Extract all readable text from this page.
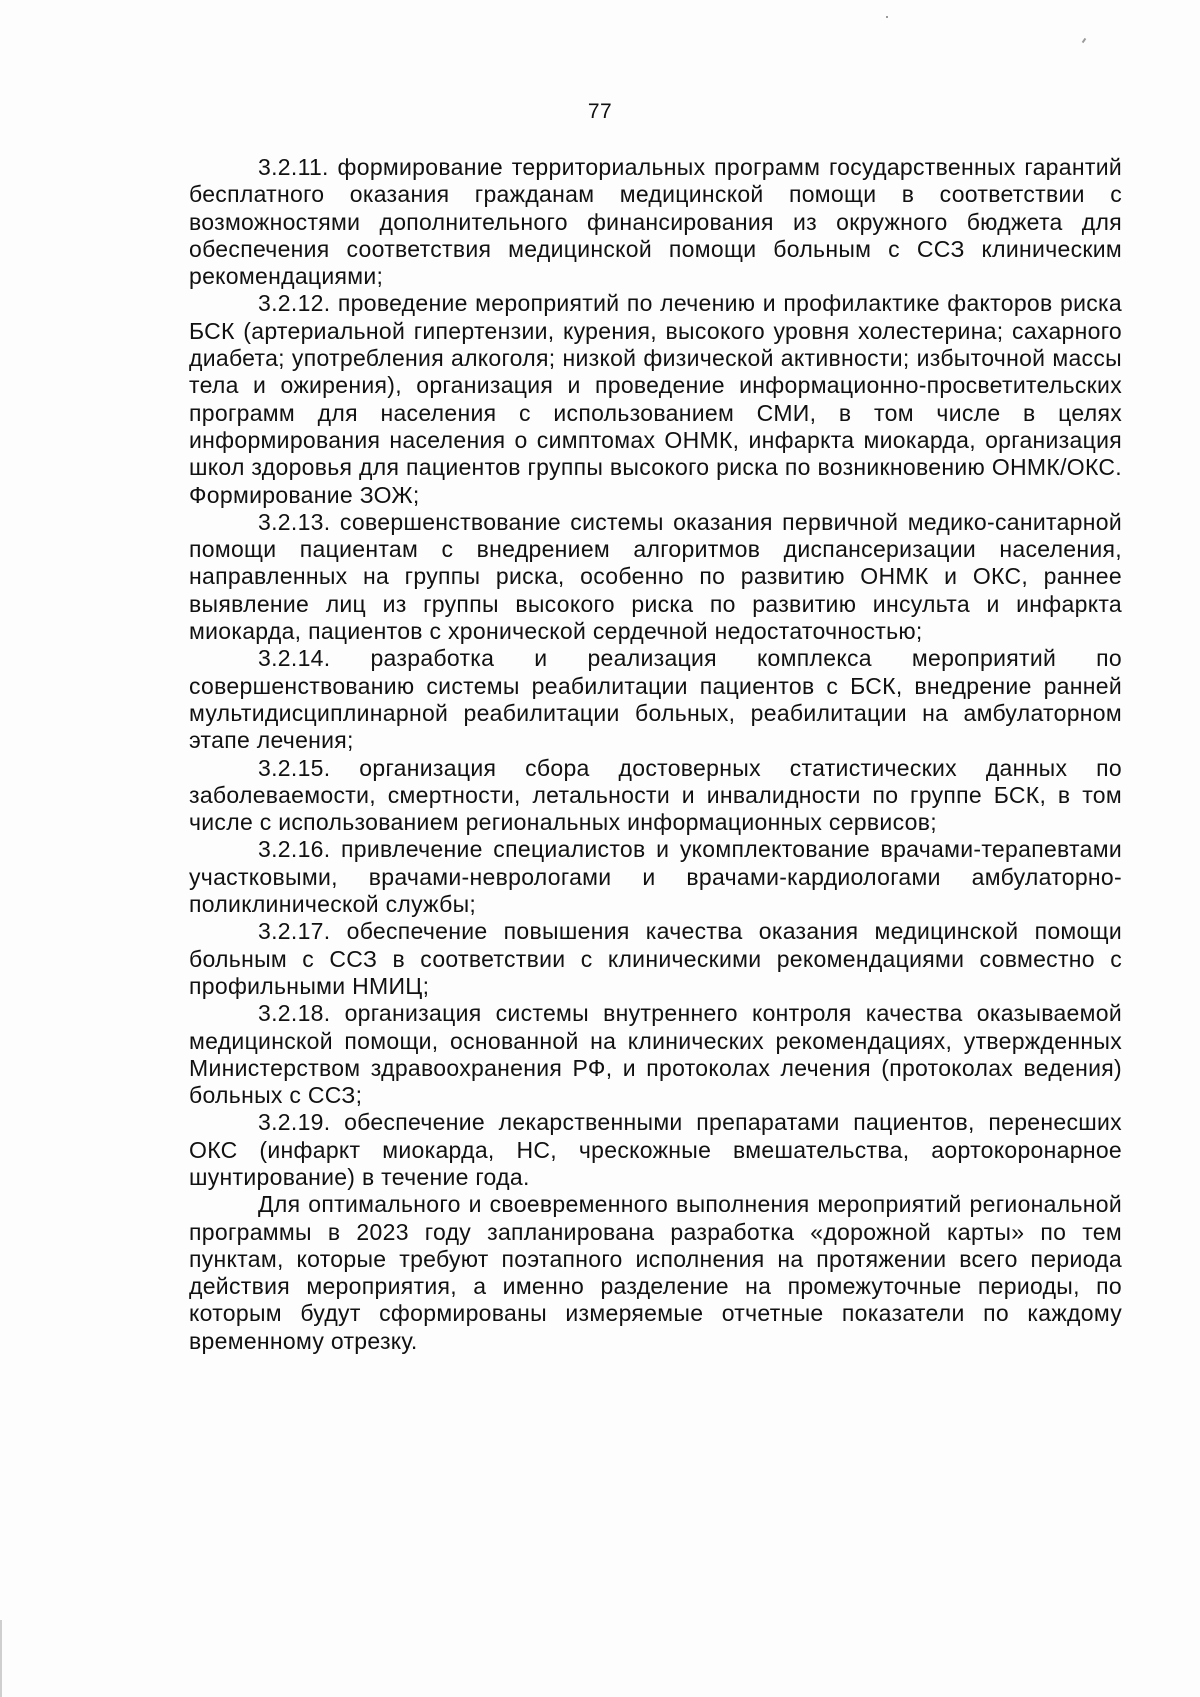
77

3.2.11. формирование территориальных программ государственных гарантий бесплатного оказания гражданам медицинской помощи в соответствии с возможностями дополнительного финансирования из окружного бюджета для обеспечения соответствия медицинской помощи больным с ССЗ клиническим рекомендациями;

3.2.12. проведение мероприятий по лечению и профилактике факторов риска БСК (артериальной гипертензии, курения, высокого уровня холестерина; сахарного диабета; употребления алкоголя; низкой физической активности; избыточной массы тела и ожирения), организация и проведение информационно-просветительских программ для населения с использованием СМИ, в том числе в целях информирования населения о симптомах ОНМК, инфаркта миокарда, организация школ здоровья для пациентов группы высокого риска по возникновению ОНМК/ОКС. Формирование ЗОЖ;

3.2.13. совершенствование системы оказания первичной медико-санитарной помощи пациентам с внедрением алгоритмов диспансеризации населения, направленных на группы риска, особенно по развитию ОНМК и ОКС, раннее выявление лиц из группы высокого риска по развитию инсульта и инфаркта миокарда, пациентов с хронической сердечной недостаточностью;

3.2.14. разработка и реализация комплекса мероприятий по совершенствованию системы реабилитации пациентов с БСК, внедрение ранней мультидисциплинарной реабилитации больных, реабилитации на амбулаторном этапе лечения;

3.2.15. организация сбора достоверных статистических данных по заболеваемости, смертности, летальности и инвалидности по группе БСК, в том числе с использованием региональных информационных сервисов;

3.2.16. привлечение специалистов и укомплектование врачами-терапевтами участковыми, врачами-неврологами и врачами-кардиологами амбулаторно-поликлинической службы;

3.2.17. обеспечение повышения качества оказания медицинской помощи больным с ССЗ в соответствии с клиническими рекомендациями совместно с профильными НМИЦ;

3.2.18. организация системы внутреннего контроля качества оказываемой медицинской помощи, основанной на клинических рекомендациях, утвержденных Министерством здравоохранения РФ, и протоколах лечения (протоколах ведения) больных с ССЗ;

3.2.19. обеспечение лекарственными препаратами пациентов, перенесших ОКС (инфаркт миокарда, НС, чрескожные вмешательства, аортокоронарное шунтирование) в течение года.

Для оптимального и своевременного выполнения мероприятий региональной программы в 2023 году запланирована разработка «дорожной карты» по тем пунктам, которые требуют поэтапного исполнения на протяжении всего периода действия мероприятия, а именно разделение на промежуточные периоды, по которым будут сформированы измеряемые отчетные показатели по каждому временному отрезку.
